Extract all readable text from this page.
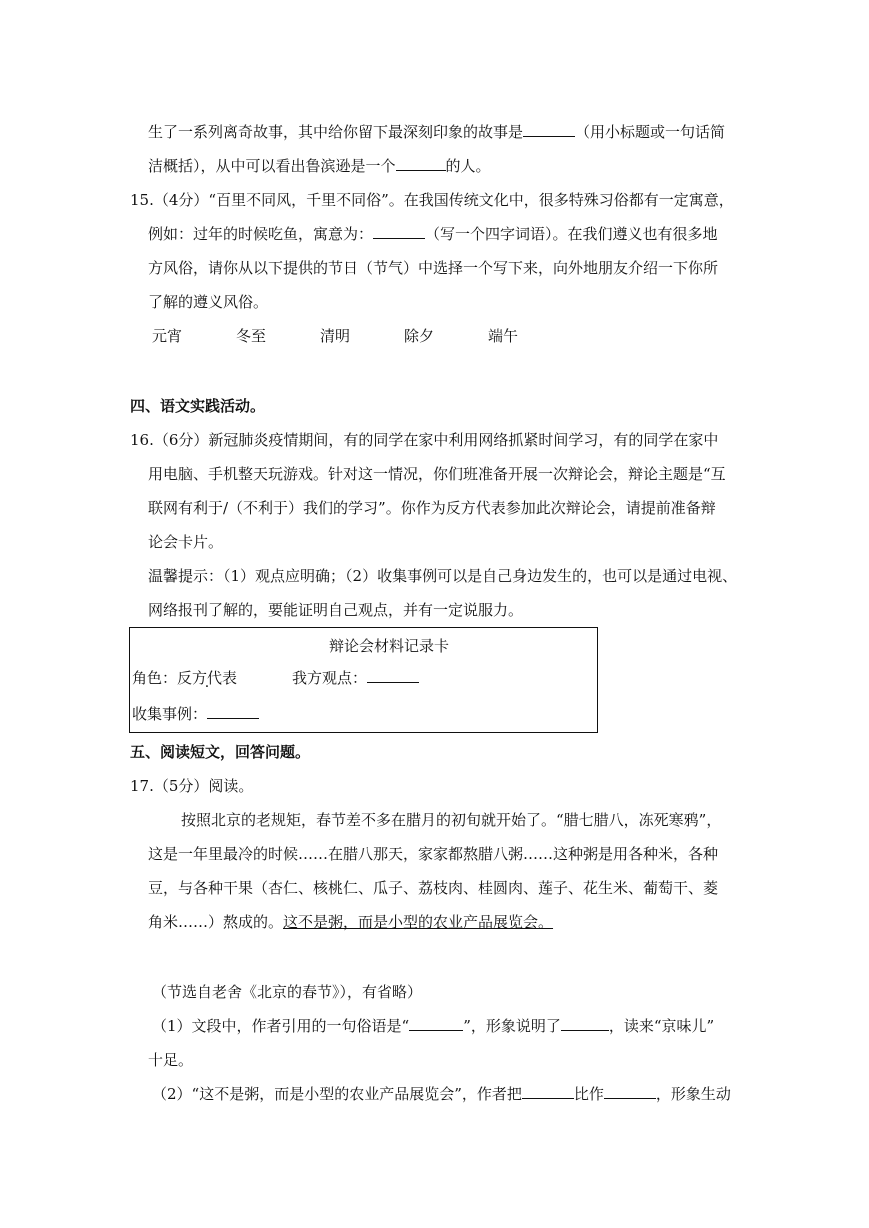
生了一系列离奇故事，其中给你留下最深刻印象的故事是	（用小标题或一句话简
洁概括），从中可以看出鲁滨逊是一个	的人。
15.（4分）“百里不同风，千里不同俗”。在我国传统文化中，很多特殊习俗都有一定寓意，
例如：过年的时候吃鱼，寓意为：	（写一个四字词语）。在我们遵义也有很多地
方风俗，请你从以下提供的节日（节气）中选择一个写下来，向外地朋友介绍一下你所
了解的遵义风俗。
元宵	冬至	清明	除夕	端午
四、语文实践活动。
16.（6分）新冠肺炎疫情期间，有的同学在家中利用网络抓紧时间学习，有的同学在家中
用电脑、手机整天玩游戏。针对这一情况，你们班准备开展一次辩论会，辩论主题是“互
联网有利于/（不利于）我们的学习”。你作为反方代表参加此次辩论会，请提前准备辩
论会卡片。
温馨提示：（1）观点应明确；（2）收集事例可以是自己身边发生的，也可以是通过电视、
网络报刊了解的，要能证明自己观点，并有一定说服力。
辩论会材料记录卡
角色：反方代表	我方观点：
收集事例：
五、阅读短文，回答问题。
17.（5分）阅读。
按照北京的老规矩，春节差不多在腊月的初旬就开始了。“腊七腊八，冻死寒鸦”，
这是一年里最冷的时候……在腊八那天，家家都熬腊八粥……这种粥是用各种米，各种
豆，与各种干果（杏仁、核桃仁、瓜子、荔枝肉、桂圆肉、莲子、花生米、葡萄干、菱
角米……）熬成的。这不是粥，而是小型的农业产品展览会。
（节选自老舍《北京的春节》），有省略）
（1）文段中，作者引用的一句俗语是“	”，形象说明了	，读来“京味儿”
十足。
（2）“这不是粥，而是小型的农业产品展览会”，作者把	比作	，形象生动
